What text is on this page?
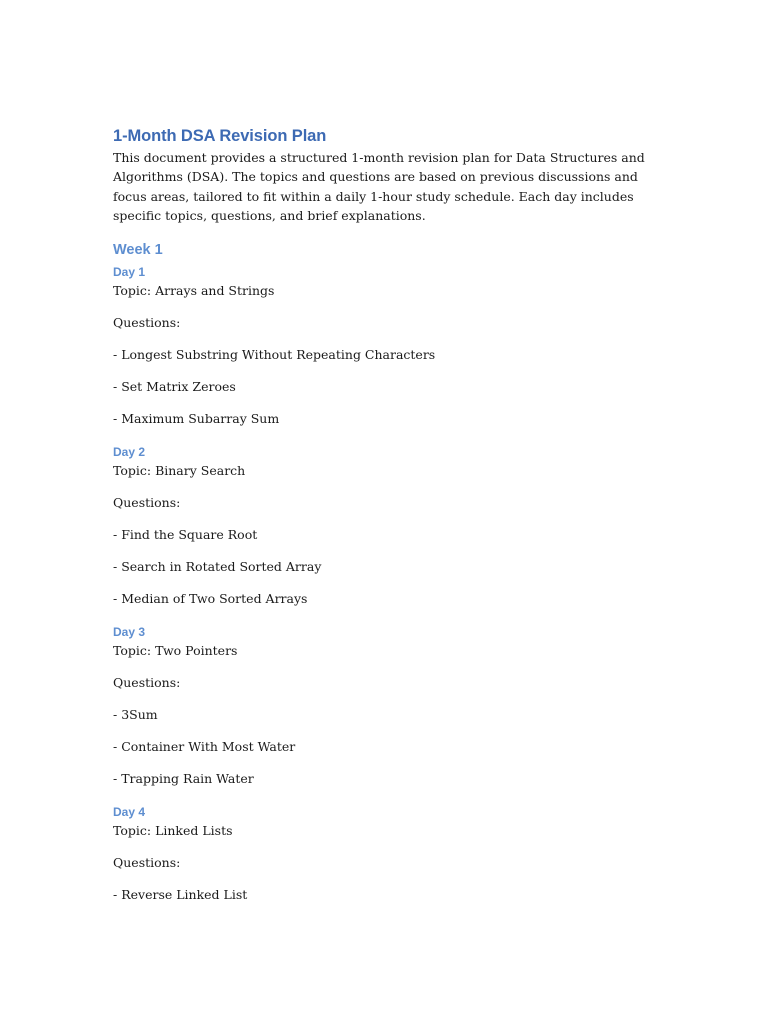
1-Month DSA Revision Plan

This document provides a structured 1-month revision plan for Data Structures and Algorithms (DSA). The topics and questions are based on previous discussions and focus areas, tailored to fit within a daily 1-hour study schedule. Each day includes specific topics, questions, and brief explanations.

Week 1
Day 1

Topic: Arrays and Strings

Questions:

- Longest Substring Without Repeating Characters

- Set Matrix Zeroes

- Maximum Subarray Sum

Day 2

Topic: Binary Search

Questions:

- Find the Square Root

- Search in Rotated Sorted Array

- Median of Two Sorted Arrays

Day 3

Topic: Two Pointers

Questions:

- 3Sum

- Container With Most Water

- Trapping Rain Water

Day 4

Topic: Linked Lists

Questions:

- Reverse Linked List
